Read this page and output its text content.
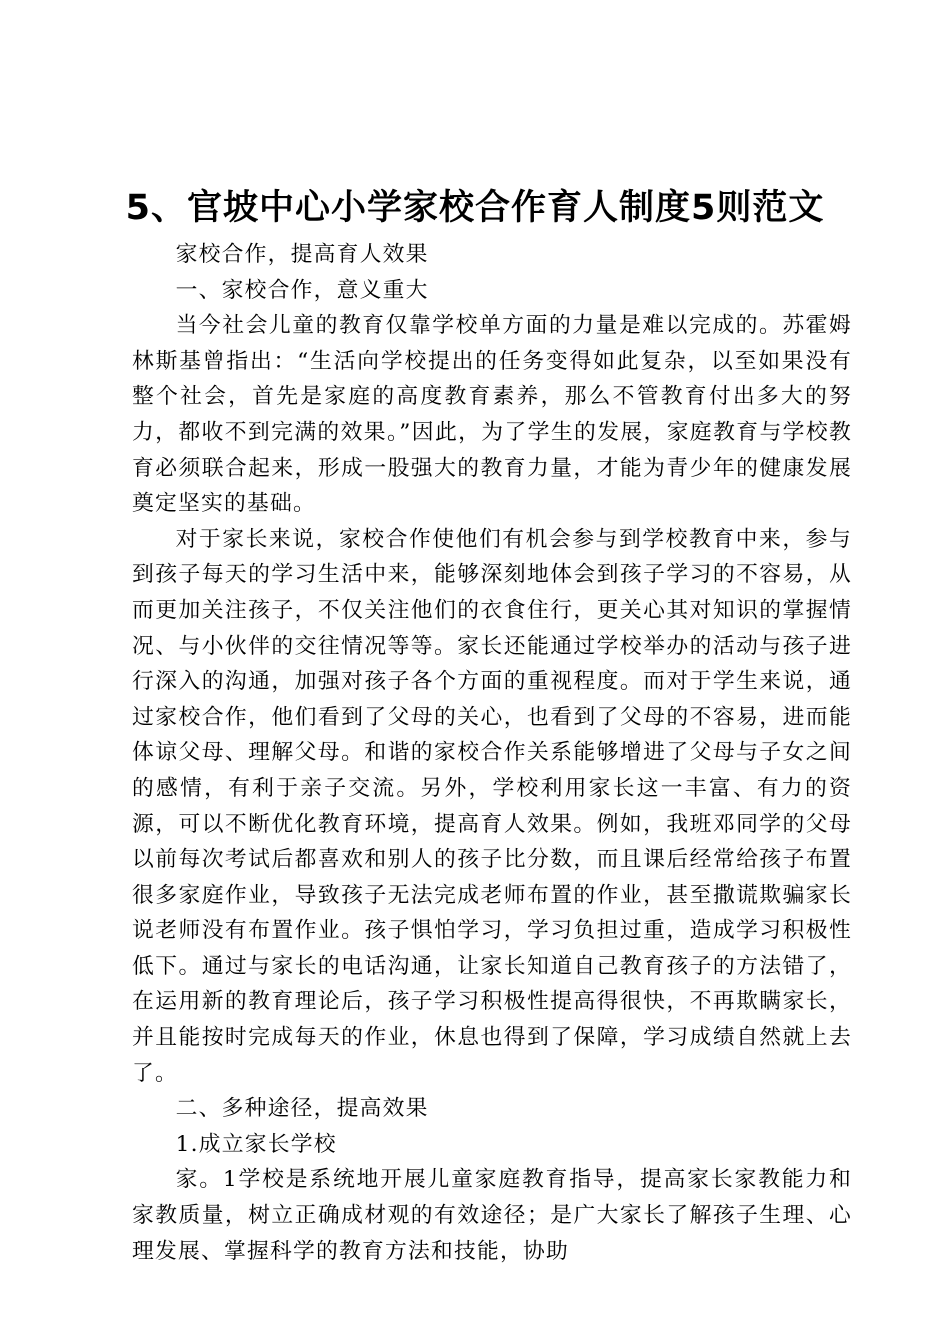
5、官坡中心小学家校合作育人制度5则范文

家校合作，提高育人效果

一、家校合作，意义重大

当今社会儿童的教育仅靠学校单方面的力量是难以完成的。苏霍姆林斯基曾指出：“生活向学校提出的任务变得如此复杂，以至如果没有整个社会，首先是家庭的高度教育素养，那么不管教育付出多大的努力，都收不到完满的效果。”因此，为了学生的发展，家庭教育与学校教育必须联合起来，形成一股强大的教育力量，才能为青少年的健康发展奠定坚实的基础。

对于家长来说，家校合作使他们有机会参与到学校教育中来，参与到孩子每天的学习生活中来，能够深刻地体会到孩子学习的不容易，从而更加关注孩子，不仅关注他们的衣食住行，更关心其对知识的掌握情况、与小伙伴的交往情况等等。家长还能通过学校举办的活动与孩子进行深入的沟通，加强对孩子各个方面的重视程度。而对于学生来说，通过家校合作，他们看到了父母的关心，也看到了父母的不容易，进而能体谅父母、理解父母。和谐的家校合作关系能够增进了父母与子女之间的感情，有利于亲子交流。另外，学校利用家长这一丰富、有力的资源，可以不断优化教育环境，提高育人效果。例如，我班邓同学的父母以前每次考试后都喜欢和别人的孩子比分数，而且课后经常给孩子布置很多家庭作业，导致孩子无法完成老师布置的作业，甚至撒谎欺骗家长说老师没有布置作业。孩子惧怕学习，学习负担过重，造成学习积极性低下。通过与家长的电话沟通，让家长知道自己教育孩子的方法错了，在运用新的教育理论后，孩子学习积极性提高得很快，不再欺瞒家长，并且能按时完成每天的作业，休息也得到了保障，学习成绩自然就上去了。

二、多种途径，提高效果

1.成立家长学校

家。1学校是系统地开展儿童家庭教育指导，提高家长家教能力和家教质量，树立正确成材观的有效途径；是广大家长了解孩子生理、心理发展、掌握科学的教育方法和技能，协助
